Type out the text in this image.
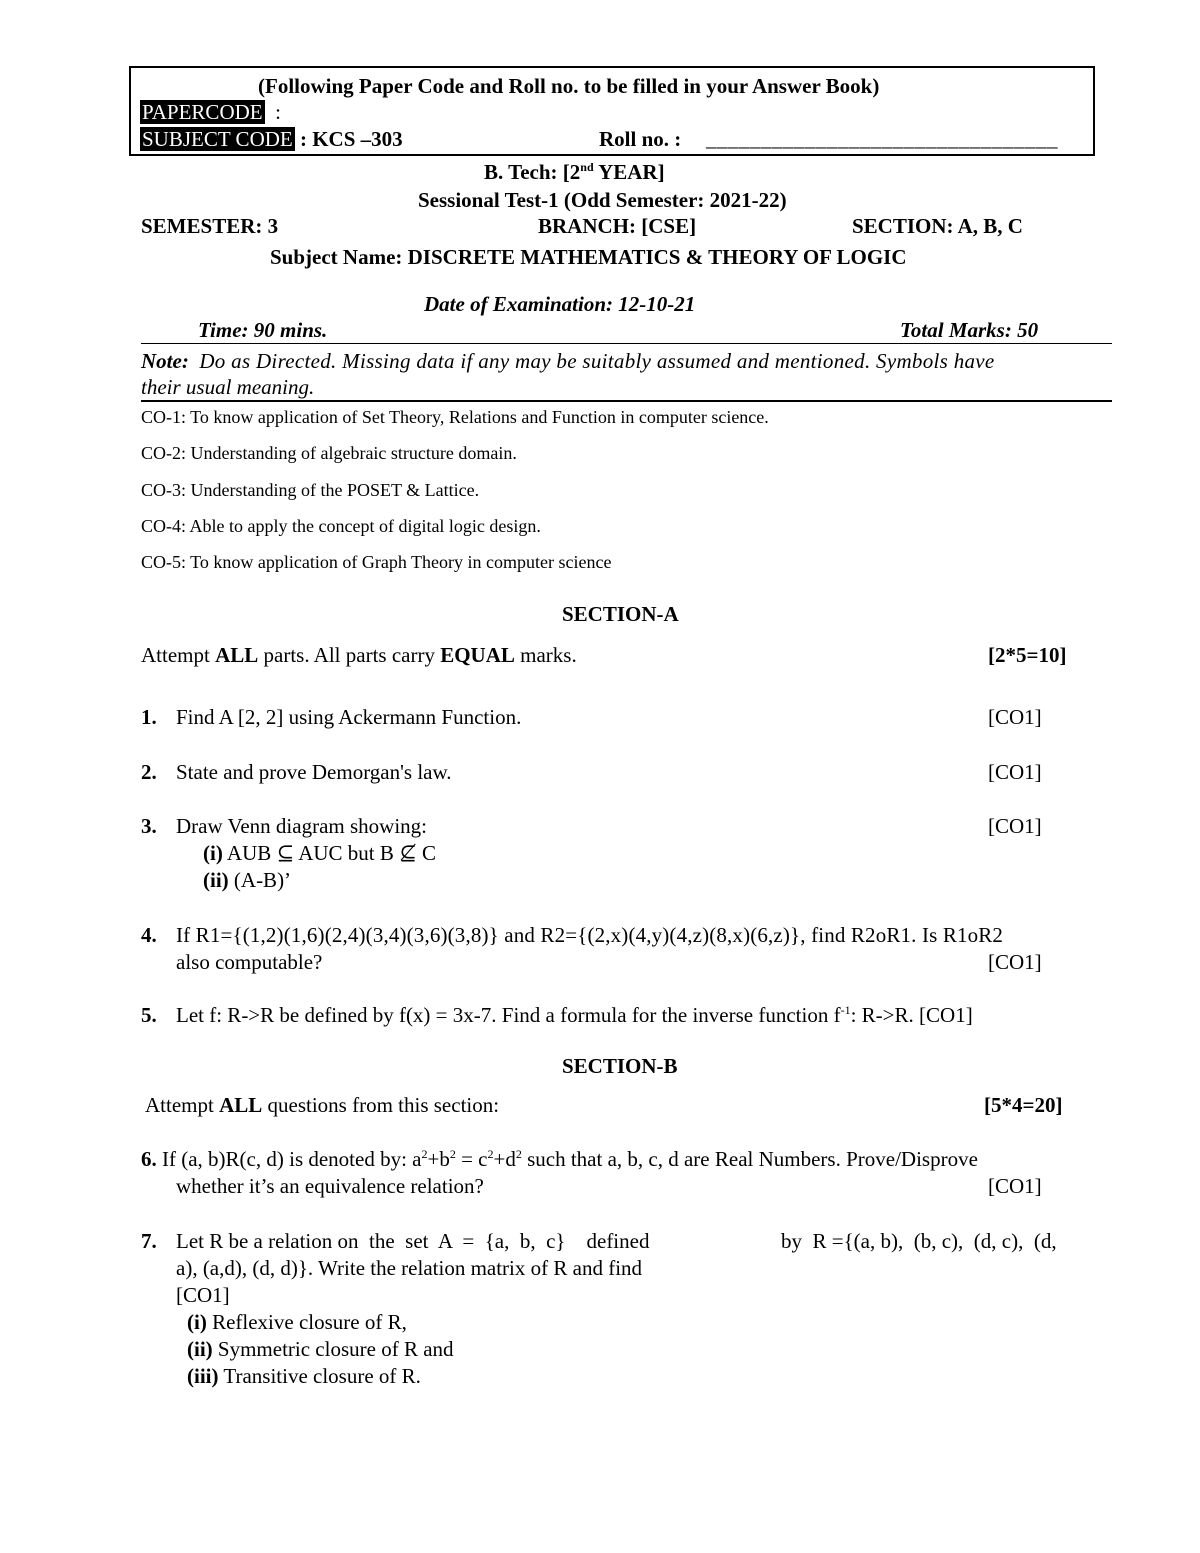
(Following Paper Code and Roll no. to be filled in your Answer Book)
PAPERCODE :
SUBJECT CODE : KCS –303	Roll no. : ________________________________
B. Tech: [2nd YEAR]
Sessional Test-1 (Odd Semester: 2021-22)
SEMESTER: 3	BRANCH: [CSE]	SECTION: A, B, C
Subject Name: DISCRETE MATHEMATICS & THEORY OF LOGIC
Date of Examination: 12-10-21
Time: 90 mins.	Total Marks: 50
Note: Do as Directed. Missing data if any may be suitably assumed and mentioned. Symbols have
their usual meaning.
CO-1: To know application of Set Theory, Relations and Function in computer science.
CO-2: Understanding of algebraic structure domain.
CO-3: Understanding of the POSET & Lattice.
CO-4: Able to apply the concept of digital logic design.
CO-5: To know application of Graph Theory in computer science
SECTION-A
Attempt ALL parts. All parts carry EQUAL marks.	[2*5=10]
1. Find A [2, 2] using Ackermann Function.	[CO1]
2. State and prove Demorgan's law.	[CO1]
3. Draw Venn diagram showing:	[CO1]
(i) AUB ⊆ AUC but B ⊈ C
(ii) (A-B)’
4. If R1={(1,2)(1,6)(2,4)(3,4)(3,6)(3,8)} and R2={(2,x)(4,y)(4,z)(8,x)(6,z)}, find R2oR1. Is R1oR2
also computable?	[CO1]
5. Let f: R->R be defined by f(x) = 3x-7. Find a formula for the inverse function $f^{-1}$: R->R. [CO1]
SECTION-B
Attempt ALL questions from this section:	[5*4=20]
6. If (a, b)R(c, d) is denoted by: $a^2+b^2 = c^2+d^2$ such that a, b, c, d are Real Numbers. Prove/Disprove
whether it’s an equivalence relation?	[CO1]
7. Let R be a relation on  the  set  A  =  {a,  b,  c}    defined	by  R ={(a, b),  (b, c),  (d, c),  (d,
a), (a,d), (d, d)}. Write the relation matrix of R and find
[CO1]
(i) Reflexive closure of R,
(ii) Symmetric closure of R and
(iii) Transitive closure of R.
